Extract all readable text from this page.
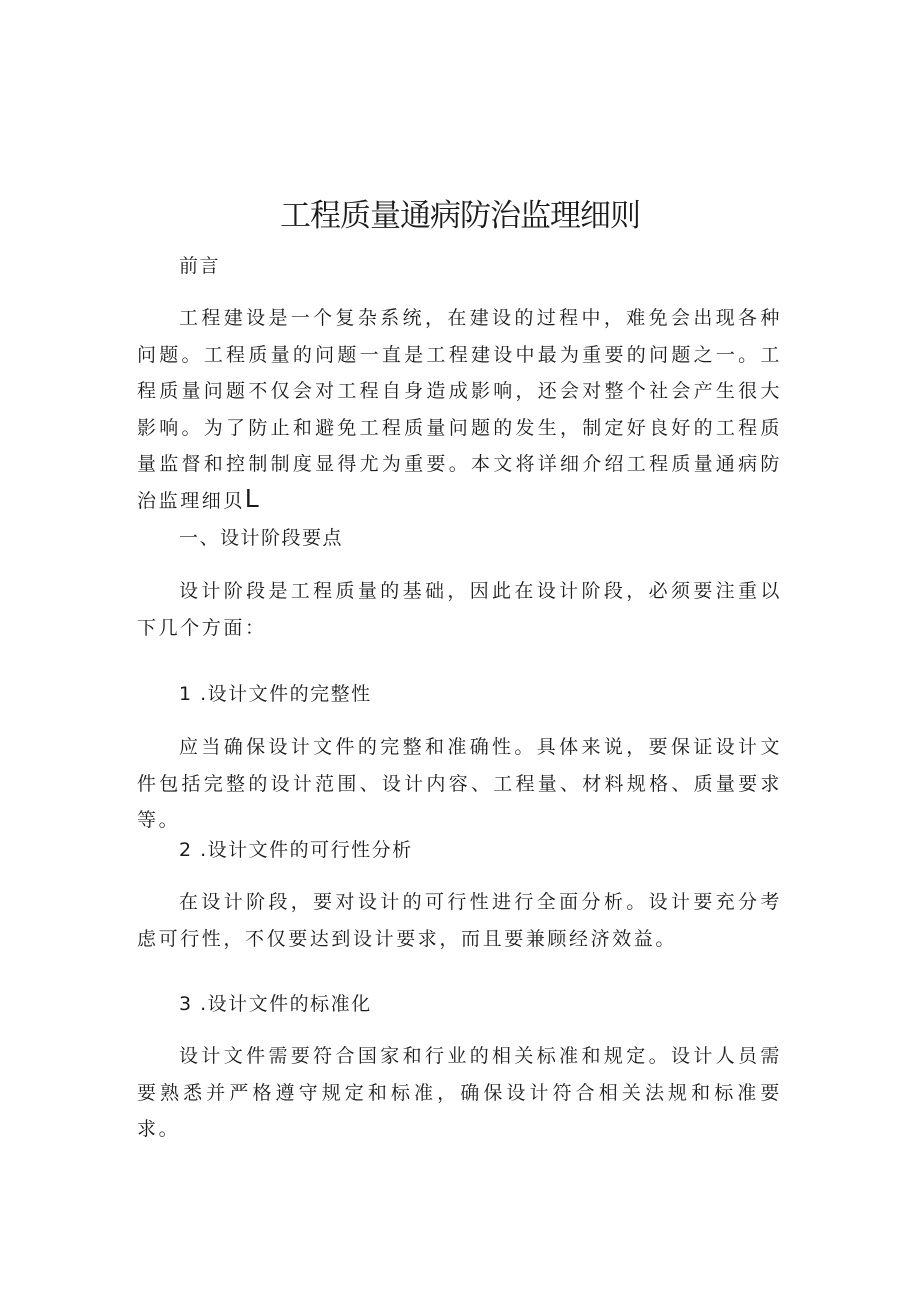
工程质量通病防治监理细则
前言

工程建设是一个复杂系统，在建设的过程中，难免会出现各种问题。工程质量的问题一直是工程建设中最为重要的问题之一。工程质量问题不仅会对工程自身造成影响，还会对整个社会产生很大影响。为了防止和避免工程质量问题的发生，制定好良好的工程质量监督和控制制度显得尤为重要。本文将详细介绍工程质量通病防治监理细贝L

一、设计阶段要点

设计阶段是工程质量的基础，因此在设计阶段，必须要注重以下几个方面：

1 .设计文件的完整性

应当确保设计文件的完整和准确性。具体来说，要保证设计文件包括完整的设计范围、设计内容、工程量、材料规格、质量要求等。

2 .设计文件的可行性分析

在设计阶段，要对设计的可行性进行全面分析。设计要充分考虑可行性，不仅要达到设计要求，而且要兼顾经济效益。

3 .设计文件的标准化

设计文件需要符合国家和行业的相关标准和规定。设计人员需要熟悉并严格遵守规定和标准，确保设计符合相关法规和标准要求。
